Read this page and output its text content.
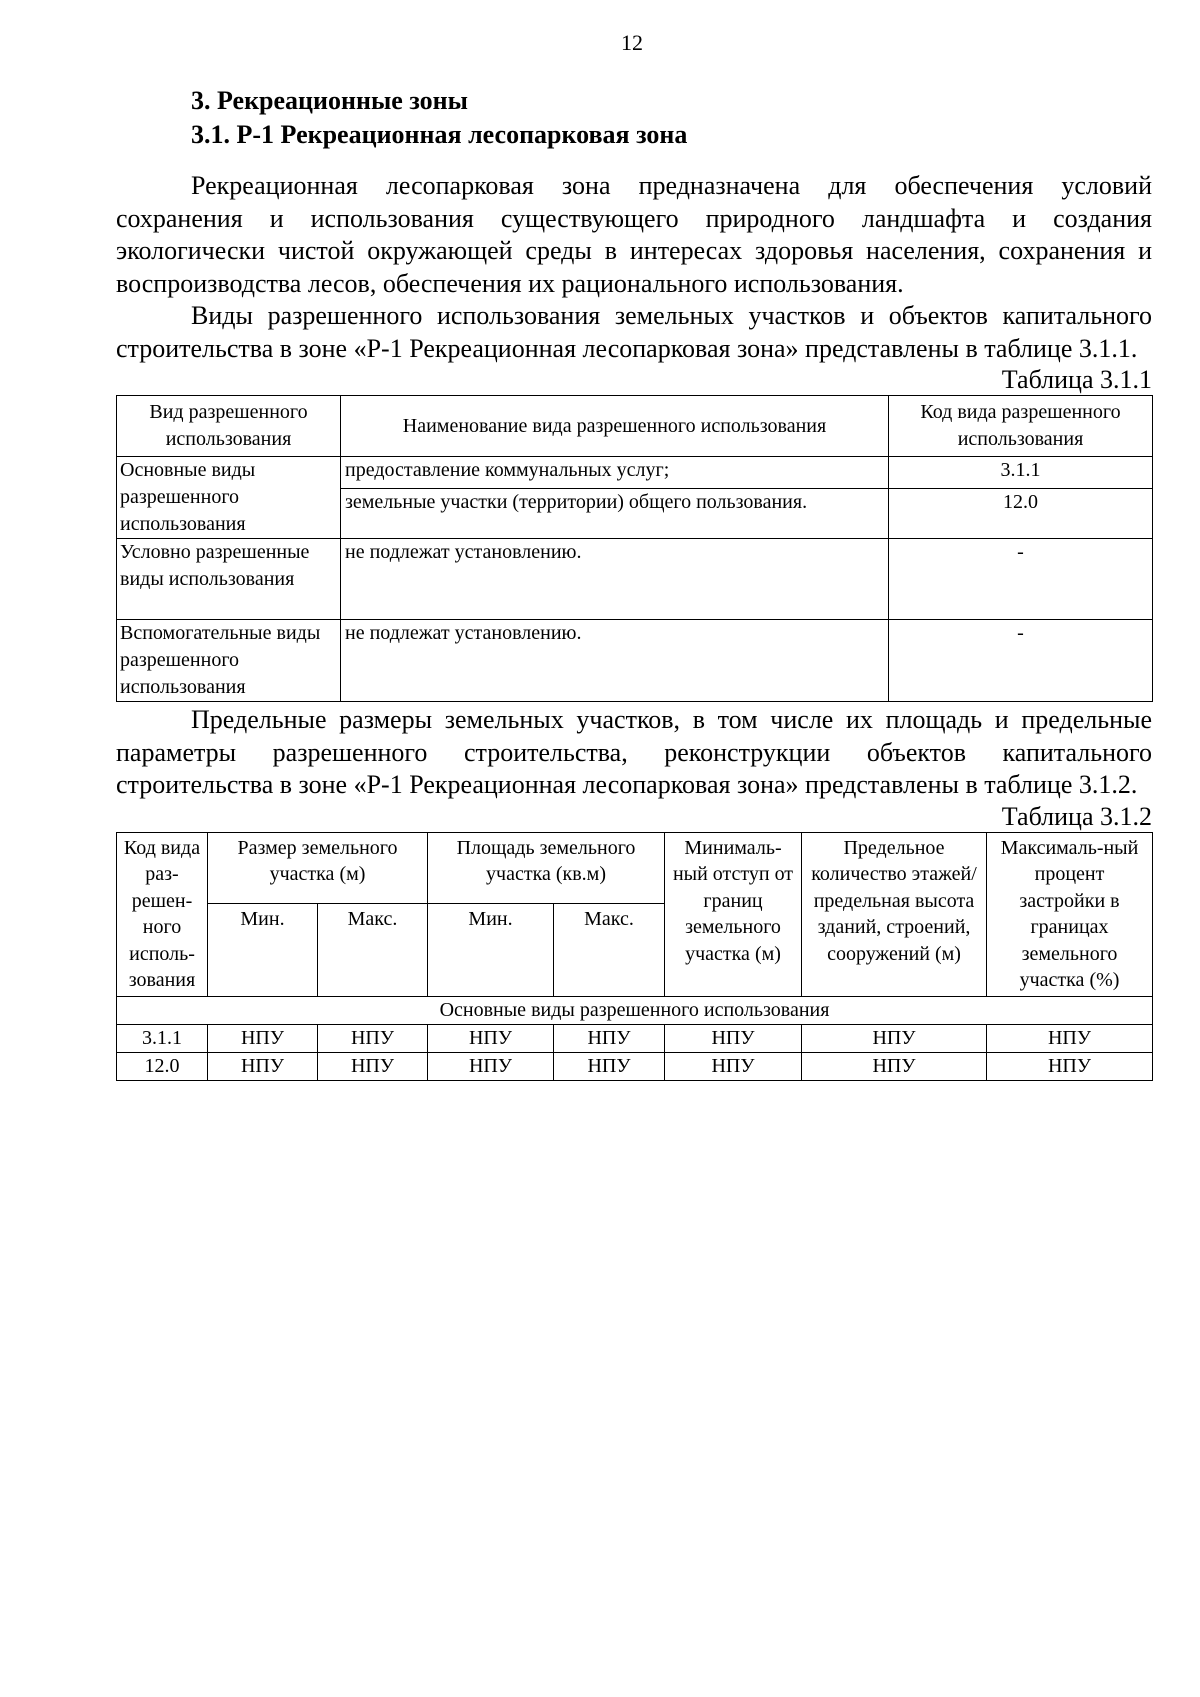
12
3. Рекреационные зоны
3.1. Р-1 Рекреационная лесопарковая зона

Рекреационная лесопарковая зона предназначена для обеспечения условий сохранения и использования существующего природного ландшафта и создания экологически чистой окружающей среды в интересах здоровья населения, сохранения и воспроизводства лесов, обеспечения их рационального использования.

Виды разрешенного использования земельных участков и объектов капитального строительства в зоне «Р-1 Рекреационная лесопарковая зона» представлены в таблице 3.1.1.

Таблица 3.1.1

Вид разрешенного использования	Наименование вида разрешенного использования	Код вида разрешенного использования
Основные виды разрешенного использования	предоставление коммунальных услуг;	3.1.1
	земельные участки (территории) общего пользования.	12.0
Условно разрешенные виды использования	не подлежат установлению.	-
Вспомогательные виды разрешенного использования	не подлежат установлению.	-

Предельные размеры земельных участков, в том числе их площадь и предельные параметры разрешенного строительства, реконструкции объектов капитального строительства в зоне «Р-1 Рекреационная лесопарковая зона» представлены в таблице 3.1.2.

Таблица 3.1.2

Код вида раз-решен-ного исполь-зования	Размер земельного участка (м)		Площадь земельного участка (кв.м)		Минималь-ный отступ от границ земельного участка (м)	Предельное количество этажей/ предельная высота зданий, строений, сооружений (м)	Максималь-ный процент застройки в границах земельного участка (%)
	Мин.	Макс.	Мин.	Макс.			
Основные виды разрешенного использования							
3.1.1	НПУ	НПУ	НПУ	НПУ	НПУ	НПУ	НПУ
12.0	НПУ	НПУ	НПУ	НПУ	НПУ	НПУ	НПУ
